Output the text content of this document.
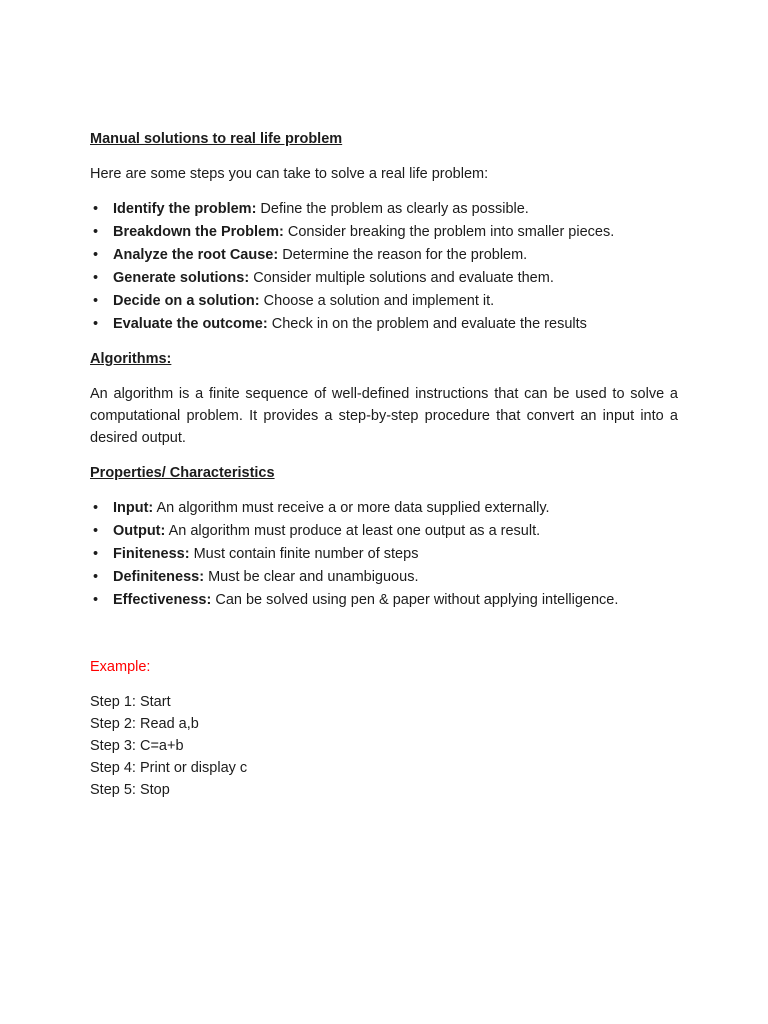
Manual solutions to real life problem

Here are some steps you can take to solve a real life problem:

• Identify the problem: Define the problem as clearly as possible.
• Breakdown the Problem: Consider breaking the problem into smaller pieces.
• Analyze the root Cause: Determine the reason for the problem.
• Generate solutions: Consider multiple solutions and evaluate them.
• Decide on a solution: Choose a solution and implement it.
• Evaluate the outcome: Check in on the problem and evaluate the results
Algorithms:

An algorithm is a finite sequence of well-defined instructions that can be used to solve a computational problem. It provides a step-by-step procedure that convert an input into a desired output.

Properties/ Characteristics
• Input: An algorithm must receive a or more data supplied externally.
• Output: An algorithm must produce at least one output as a result.
• Finiteness: Must contain finite number of steps
• Definiteness: Must be clear and unambiguous.
• Effectiveness: Can be solved using pen & paper without applying intelligence.

Example:

Step 1: Start
Step 2: Read a,b
Step 3: C=a+b
Step 4: Print or display c
Step 5: Stop
